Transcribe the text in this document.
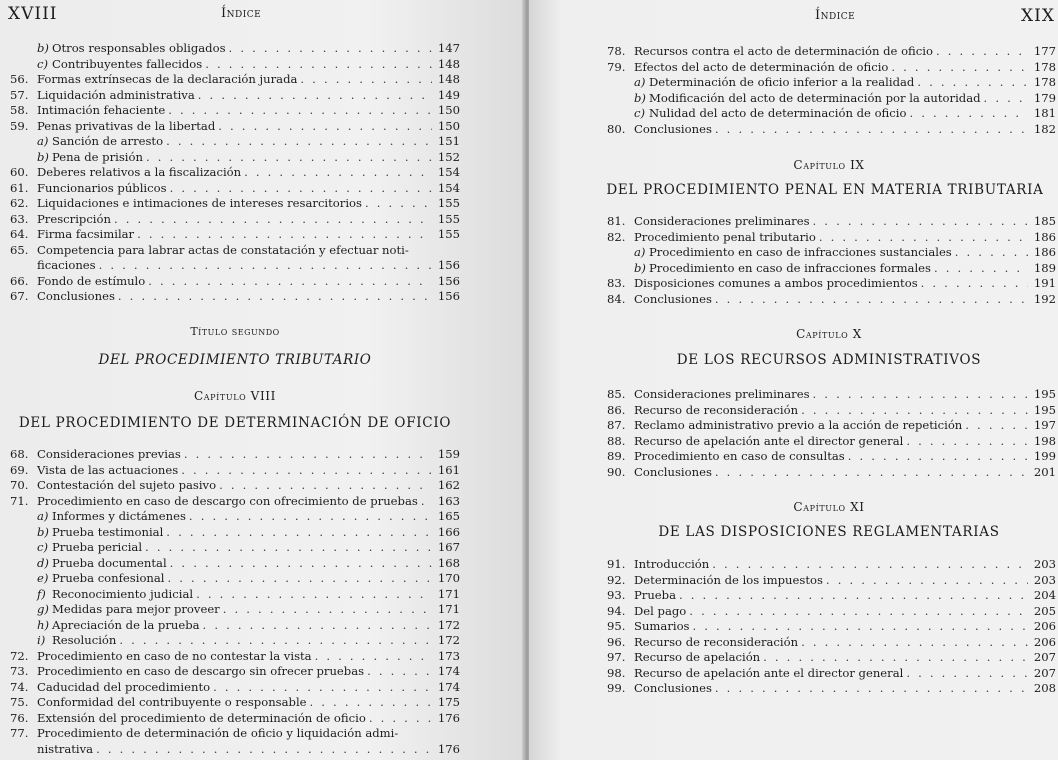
XVIII	Índice
b) Otros responsables obligados . . .	147
c) Contribuyentes fallecidos . . .	148
56. Formas extrínsecas de la declaración jurada . . .	148
57. Liquidación administrativa . . .	149
58. Intimación fehaciente . . .	150
59. Penas privativas de la libertad . . .	150
a) Sanción de arresto . . .	151
b) Pena de prisión . . .	152
60. Deberes relativos a la fiscalización . . .	154
61. Funcionarios públicos . . .	154
62. Liquidaciones e intimaciones de intereses resarcitorios . . .	155
63. Prescripción . . .	155
64. Firma facsimilar . . .	155
65. Competencia para labrar actas de constatación y efectuar noti-
ficaciones . . .	156
66. Fondo de estímulo . . .	156
67. Conclusiones . . .	156
Título segundo
DEL PROCEDIMIENTO TRIBUTARIO
Capítulo VIII
DEL PROCEDIMIENTO DE DETERMINACIÓN DE OFICIO
68. Consideraciones previas . . .	159
69. Vista de las actuaciones . . .	161
70. Contestación del sujeto pasivo . . .	162
71. Procedimiento en caso de descargo con ofrecimiento de pruebas . . .	163
a) Informes y dictámenes . . .	165
b) Prueba testimonial . . .	166
c) Prueba pericial . . .	167
d) Prueba documental . . .	168
e) Prueba confesional . . .	170
f) Reconocimiento judicial . . .	171
g) Medidas para mejor proveer . . .	171
h) Apreciación de la prueba . . .	172
i) Resolución . . .	172
72. Procedimiento en caso de no contestar la vista . . .	173
73. Procedimiento en caso de descargo sin ofrecer pruebas . . .	174
74. Caducidad del procedimiento . . .	174
75. Conformidad del contribuyente o responsable . . .	175
76. Extensión del procedimiento de determinación de oficio . . .	176
77. Procedimiento de determinación de oficio y liquidación admi-
nistrativa . . .	176
Índice	XIX
78. Recursos contra el acto de determinación de oficio . . .	177
79. Efectos del acto de determinación de oficio . . .	178
a) Determinación de oficio inferior a la realidad . . .	178
b) Modificación del acto de determinación por la autoridad . . .	179
c) Nulidad del acto de determinación de oficio . . .	181
80. Conclusiones . . .	182
Capítulo IX
DEL PROCEDIMIENTO PENAL EN MATERIA TRIBUTARIA
81. Consideraciones preliminares . . .	185
82. Procedimiento penal tributario . . .	186
a) Procedimiento en caso de infracciones sustanciales . . .	186
b) Procedimiento en caso de infracciones formales . . .	189
83. Disposiciones comunes a ambos procedimientos . . .	191
84. Conclusiones . . .	192
Capítulo X
DE LOS RECURSOS ADMINISTRATIVOS
85. Consideraciones preliminares . . .	195
86. Recurso de reconsideración . . .	195
87. Reclamo administrativo previo a la acción de repetición . . .	197
88. Recurso de apelación ante el director general . . .	198
89. Procedimiento en caso de consultas . . .	199
90. Conclusiones . . .	201
Capítulo XI
DE LAS DISPOSICIONES REGLAMENTARIAS
91. Introducción . . .	203
92. Determinación de los impuestos . . .	203
93. Prueba . . .	204
94. Del pago . . .	205
95. Sumarios . . .	206
96. Recurso de reconsideración . . .	206
97. Recurso de apelación . . .	207
98. Recurso de apelación ante el director general . . .	207
99. Conclusiones . . .	208
